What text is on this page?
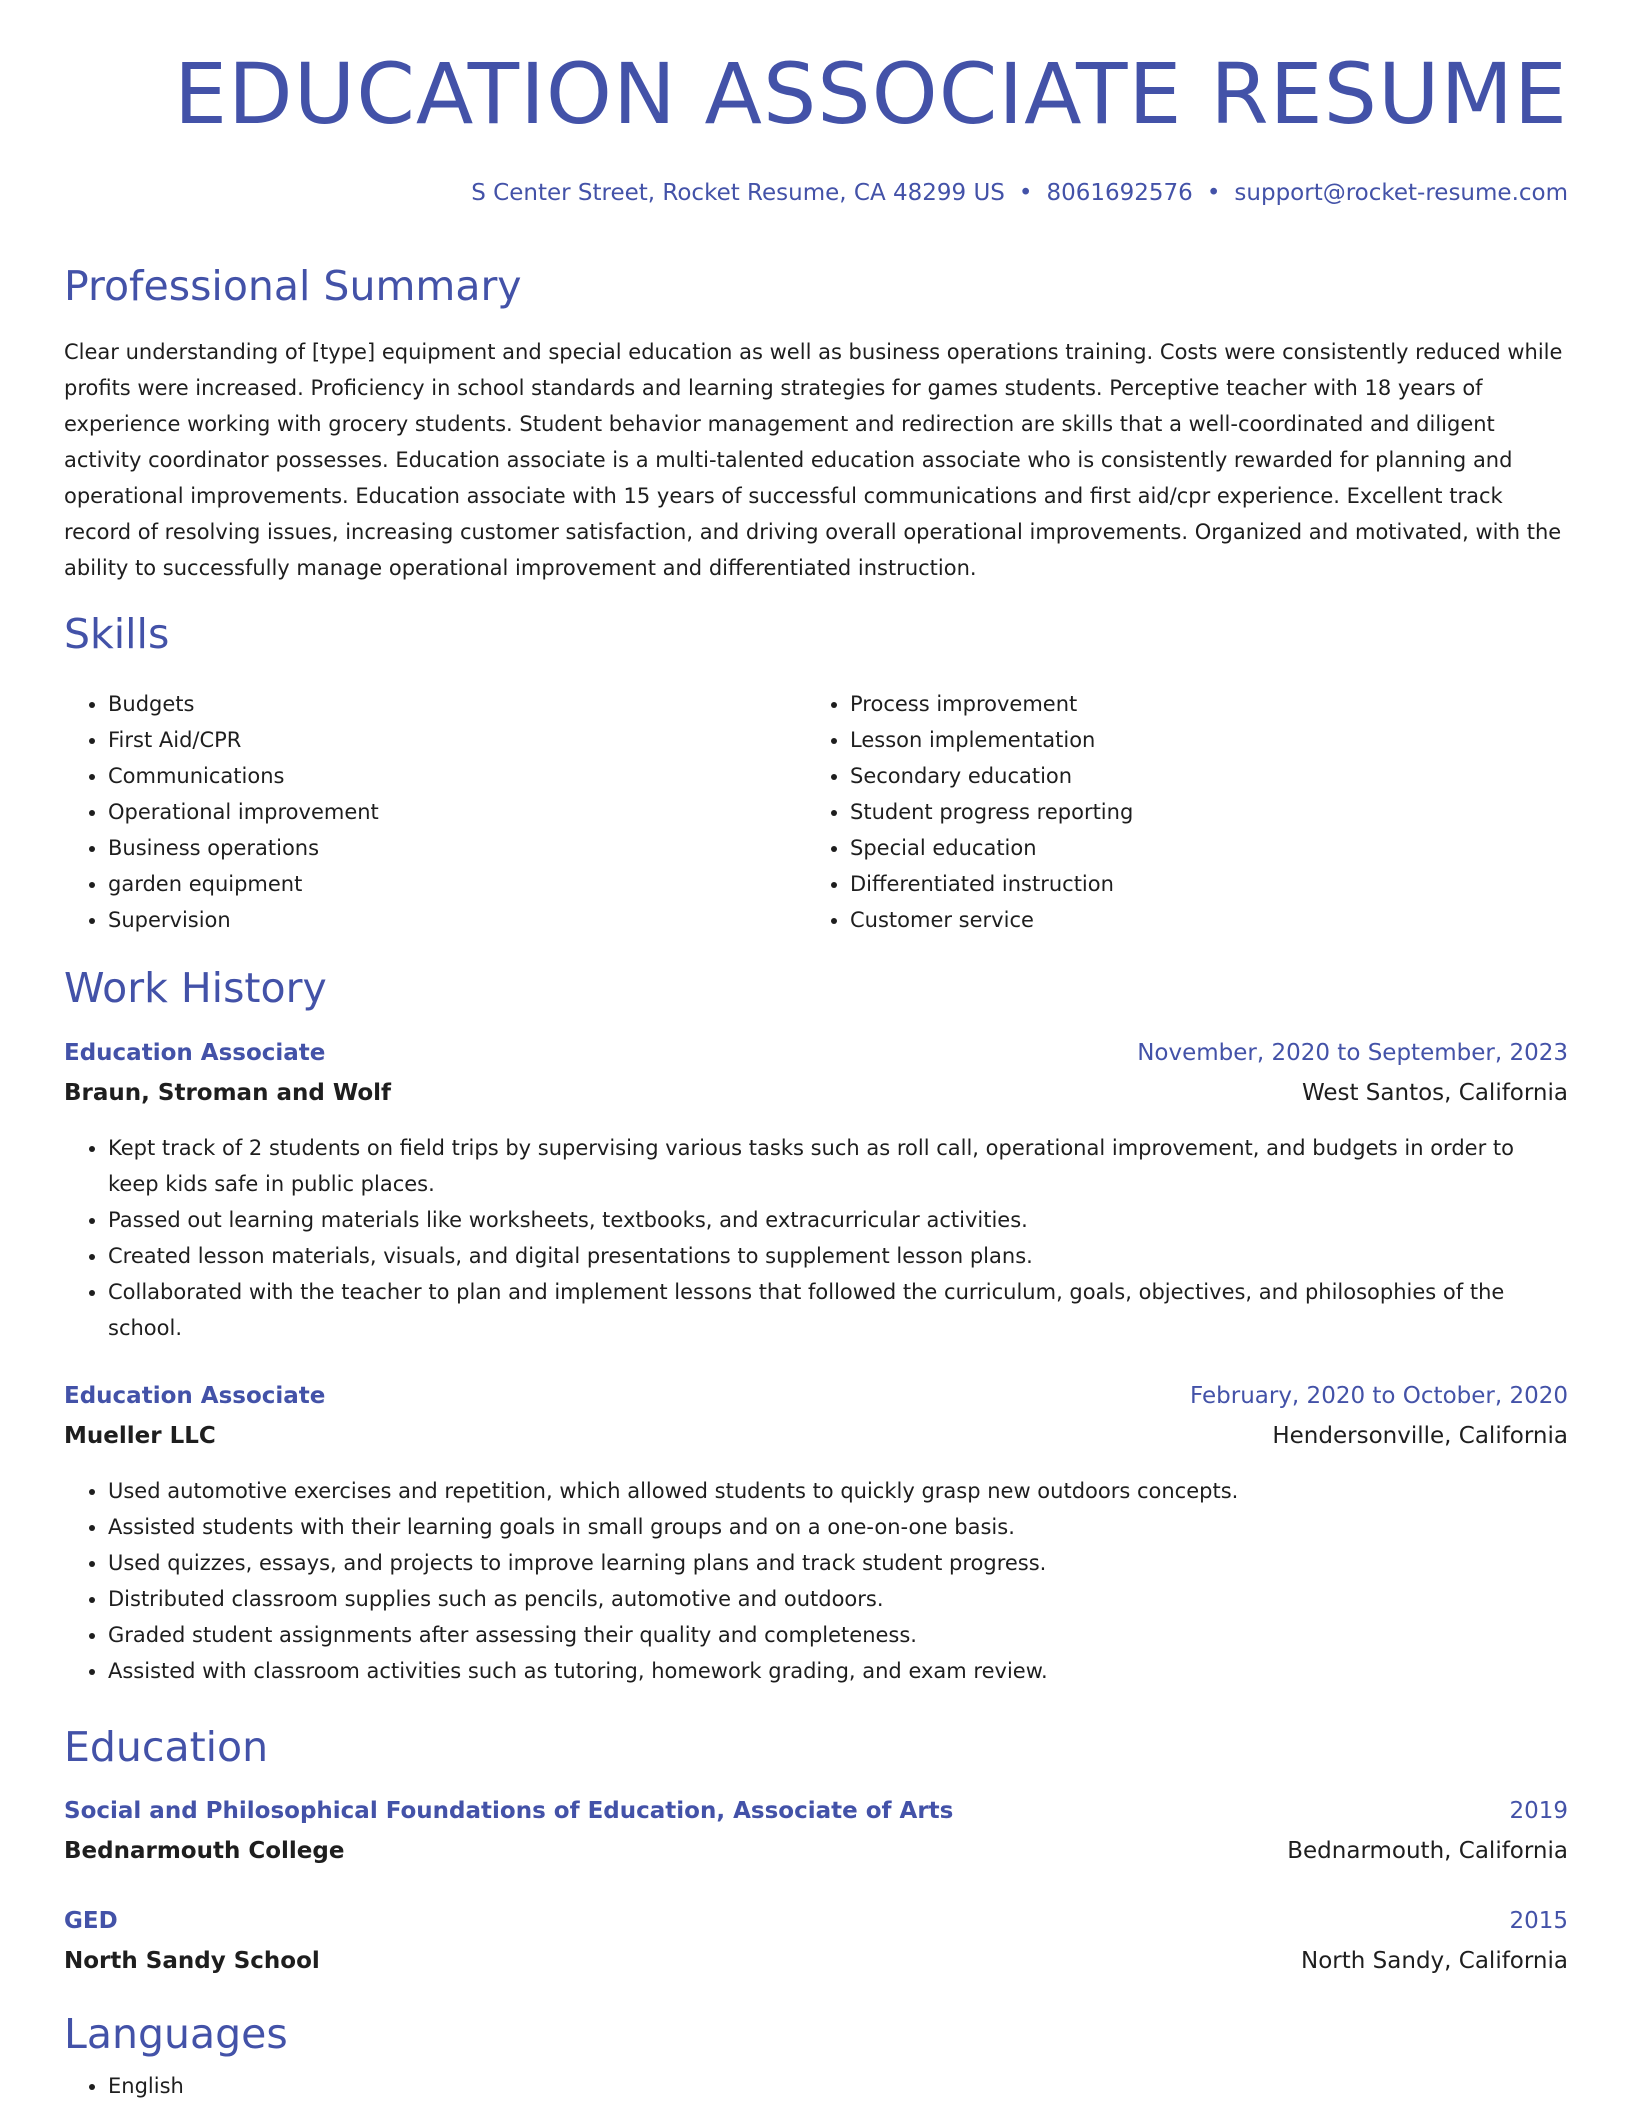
EDUCATION ASSOCIATE RESUME
S Center Street, Rocket Resume, CA 48299 US • 8061692576 • support@rocket-resume.com
Professional Summary

Clear understanding of [type] equipment and special education as well as business operations training. Costs were consistently reduced while profits were increased. Proficiency in school standards and learning strategies for games students. Perceptive teacher with 18 years of experience working with grocery students. Student behavior management and redirection are skills that a well-coordinated and diligent activity coordinator possesses. Education associate is a multi-talented education associate who is consistently rewarded for planning and operational improvements. Education associate with 15 years of successful communications and first aid/cpr experience. Excellent track record of resolving issues, increasing customer satisfaction, and driving overall operational improvements. Organized and motivated, with the ability to successfully manage operational improvement and differentiated instruction.

Skills
• Budgets
• First Aid/CPR
• Communications
• Operational improvement
• Business operations
• garden equipment
• Supervision
• Process improvement
• Lesson implementation
• Secondary education
• Student progress reporting
• Special education
• Differentiated instruction
• Customer service
Work History
Education Associate	November, 2020 to September, 2023
Braun, Stroman and Wolf	West Santos, California
• Kept track of 2 students on field trips by supervising various tasks such as roll call, operational improvement, and budgets in order to keep kids safe in public places.
• Passed out learning materials like worksheets, textbooks, and extracurricular activities.
• Created lesson materials, visuals, and digital presentations to supplement lesson plans.
• Collaborated with the teacher to plan and implement lessons that followed the curriculum, goals, objectives, and philosophies of the school.
Education Associate	February, 2020 to October, 2020
Mueller LLC	Hendersonville, California
• Used automotive exercises and repetition, which allowed students to quickly grasp new outdoors concepts.
• Assisted students with their learning goals in small groups and on a one-on-one basis.
• Used quizzes, essays, and projects to improve learning plans and track student progress.
• Distributed classroom supplies such as pencils, automotive and outdoors.
• Graded student assignments after assessing their quality and completeness.
• Assisted with classroom activities such as tutoring, homework grading, and exam review.
Education
Social and Philosophical Foundations of Education, Associate of Arts	2019
Bednarmouth College	Bednarmouth, California
GED	2015
North Sandy School	North Sandy, California
Languages
• English
